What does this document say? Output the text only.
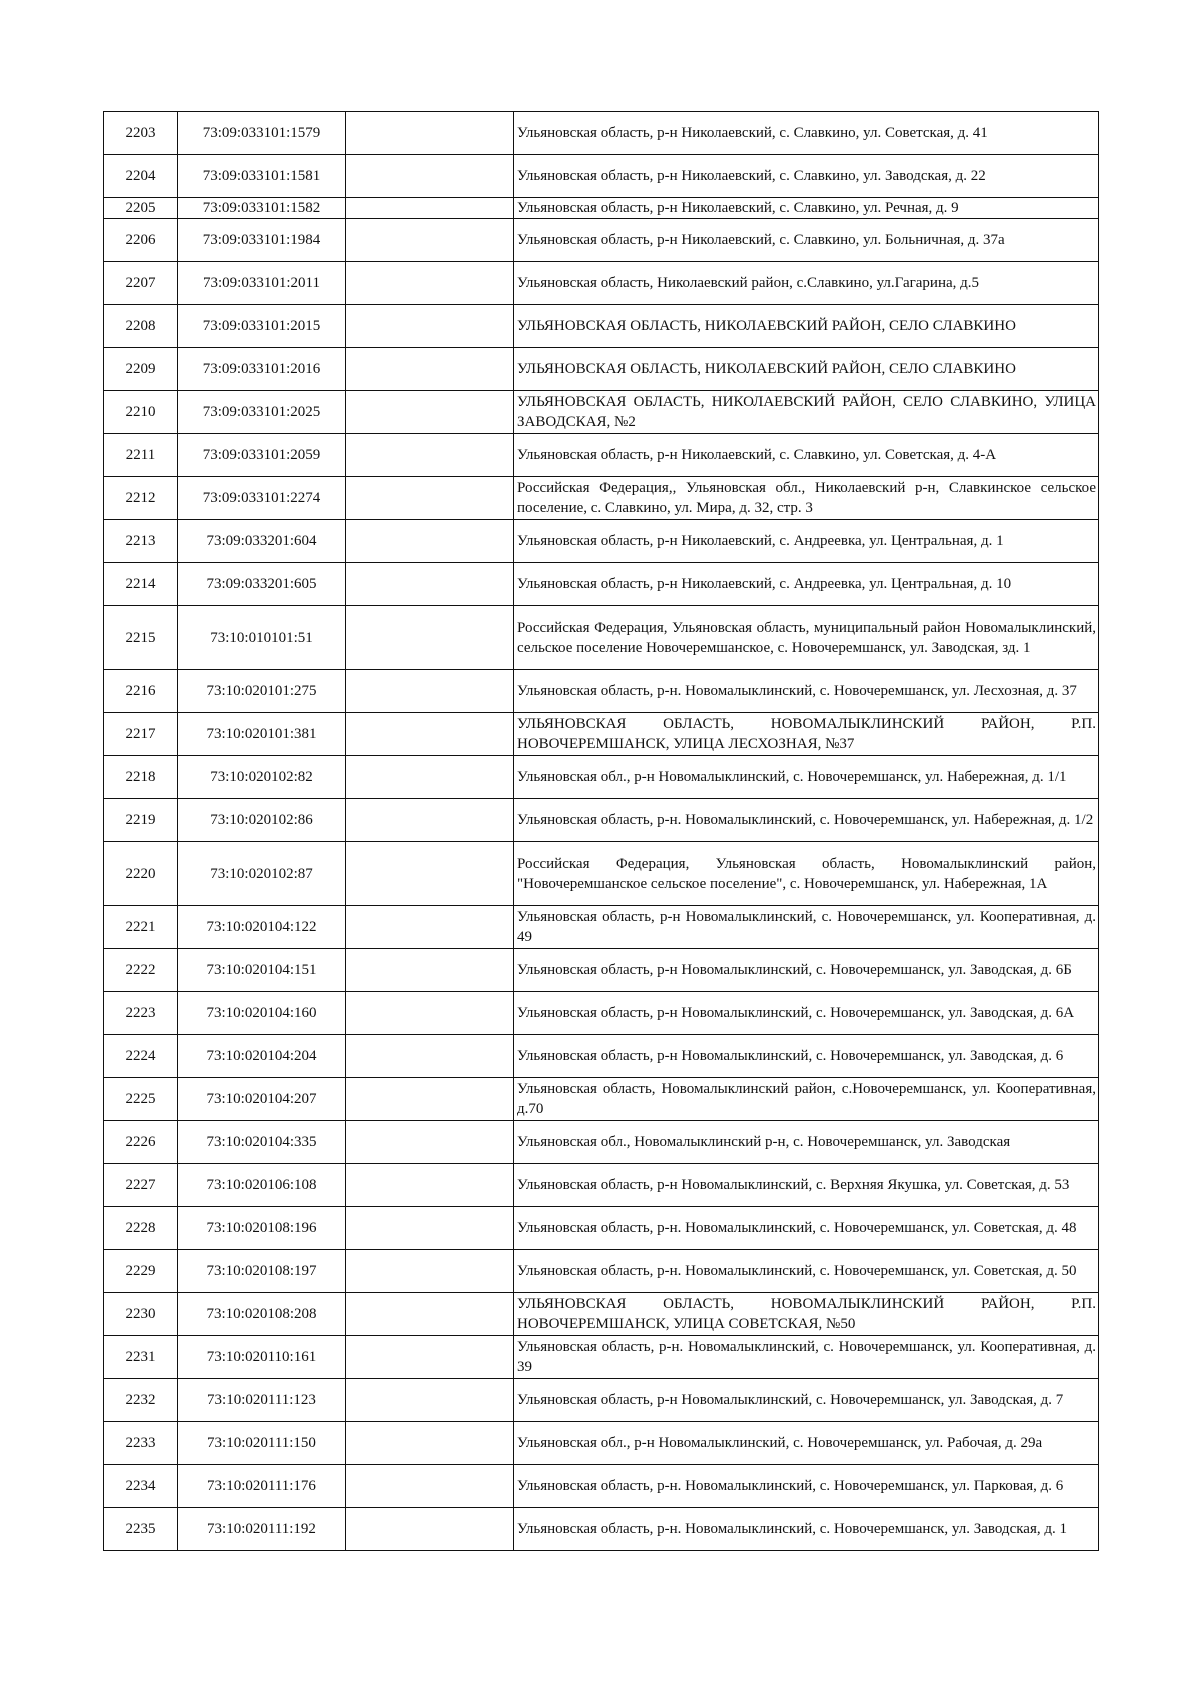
2203	73:09:033101:1579		Ульяновская область, р-н Николаевский, с. Славкино, ул. Советская, д. 41
2204	73:09:033101:1581		Ульяновская область, р-н Николаевский, с. Славкино, ул. Заводская, д. 22
2205	73:09:033101:1582		Ульяновская область, р-н Николаевский, с. Славкино, ул. Речная, д. 9
2206	73:09:033101:1984		Ульяновская область, р-н Николаевский, с. Славкино, ул. Больничная, д. 37а
2207	73:09:033101:2011		Ульяновская область, Николаевский район, с.Славкино, ул.Гагарина, д.5
2208	73:09:033101:2015		УЛЬЯНОВСКАЯ ОБЛАСТЬ, НИКОЛАЕВСКИЙ РАЙОН, СЕЛО СЛАВКИНО
2209	73:09:033101:2016		УЛЬЯНОВСКАЯ ОБЛАСТЬ, НИКОЛАЕВСКИЙ РАЙОН, СЕЛО СЛАВКИНО
2210	73:09:033101:2025		УЛЬЯНОВСКАЯ ОБЛАСТЬ, НИКОЛАЕВСКИЙ РАЙОН, СЕЛО СЛАВКИНО, УЛИЦА ЗАВОДСКАЯ, №2
2211	73:09:033101:2059		Ульяновская область, р-н Николаевский, с. Славкино, ул. Советская, д. 4-А
2212	73:09:033101:2274		Российская Федерация,, Ульяновская обл., Николаевский р-н, Славкинское сельское поселение, с. Славкино, ул. Мира, д. 32, стр. 3
2213	73:09:033201:604		Ульяновская область, р-н Николаевский, с. Андреевка, ул. Центральная, д. 1
2214	73:09:033201:605		Ульяновская область, р-н Николаевский, с. Андреевка, ул. Центральная, д. 10
2215	73:10:010101:51		Российская Федерация, Ульяновская область, муниципальный район Новомалыклинский, сельское поселение Новочеремшанское, с. Новочеремшанск, ул. Заводская, зд. 1
2216	73:10:020101:275		Ульяновская область, р-н. Новомалыклинский, с. Новочеремшанск, ул. Лесхозная, д. 37
2217	73:10:020101:381		УЛЬЯНОВСКАЯ ОБЛАСТЬ, НОВОМАЛЫКЛИНСКИЙ РАЙОН, Р.П. НОВОЧЕРЕМШАНСК, УЛИЦА ЛЕСХОЗНАЯ, №37
2218	73:10:020102:82		Ульяновская обл., р-н Новомалыклинский, с. Новочеремшанск, ул. Набережная, д. 1/1
2219	73:10:020102:86		Ульяновская область, р-н. Новомалыклинский, с. Новочеремшанск, ул. Набережная, д. 1/2
2220	73:10:020102:87		Российская Федерация, Ульяновская область, Новомалыклинский район, "Новочеремшанское сельское поселение", с. Новочеремшанск, ул. Набережная, 1А
2221	73:10:020104:122		Ульяновская область, р-н Новомалыклинский, с. Новочеремшанск, ул. Кооперативная, д. 49
2222	73:10:020104:151		Ульяновская область, р-н Новомалыклинский, с. Новочеремшанск, ул. Заводская, д. 6Б
2223	73:10:020104:160		Ульяновская область, р-н Новомалыклинский, с. Новочеремшанск, ул. Заводская, д. 6А
2224	73:10:020104:204		Ульяновская область, р-н Новомалыклинский, с. Новочеремшанск, ул. Заводская, д. 6
2225	73:10:020104:207		Ульяновская область, Новомалыклинский район, с.Новочеремшанск, ул. Кооперативная, д.70
2226	73:10:020104:335		Ульяновская обл., Новомалыклинский р-н, с. Новочеремшанск, ул. Заводская
2227	73:10:020106:108		Ульяновская область, р-н Новомалыклинский, с. Верхняя Якушка, ул. Советская, д. 53
2228	73:10:020108:196		Ульяновская область, р-н. Новомалыклинский, с. Новочеремшанск, ул. Советская, д. 48
2229	73:10:020108:197		Ульяновская область, р-н. Новомалыклинский, с. Новочеремшанск, ул. Советская, д. 50
2230	73:10:020108:208		УЛЬЯНОВСКАЯ ОБЛАСТЬ, НОВОМАЛЫКЛИНСКИЙ РАЙОН, Р.П. НОВОЧЕРЕМШАНСК, УЛИЦА СОВЕТСКАЯ, №50
2231	73:10:020110:161		Ульяновская область, р-н. Новомалыклинский, с. Новочеремшанск, ул. Кооперативная, д. 39
2232	73:10:020111:123		Ульяновская область, р-н Новомалыклинский, с. Новочеремшанск, ул. Заводская, д. 7
2233	73:10:020111:150		Ульяновская обл., р-н Новомалыклинский, с. Новочеремшанск, ул. Рабочая, д. 29а
2234	73:10:020111:176		Ульяновская область, р-н. Новомалыклинский, с. Новочеремшанск, ул. Парковая, д. 6
2235	73:10:020111:192		Ульяновская область, р-н. Новомалыклинский, с. Новочеремшанск, ул. Заводская, д. 1
